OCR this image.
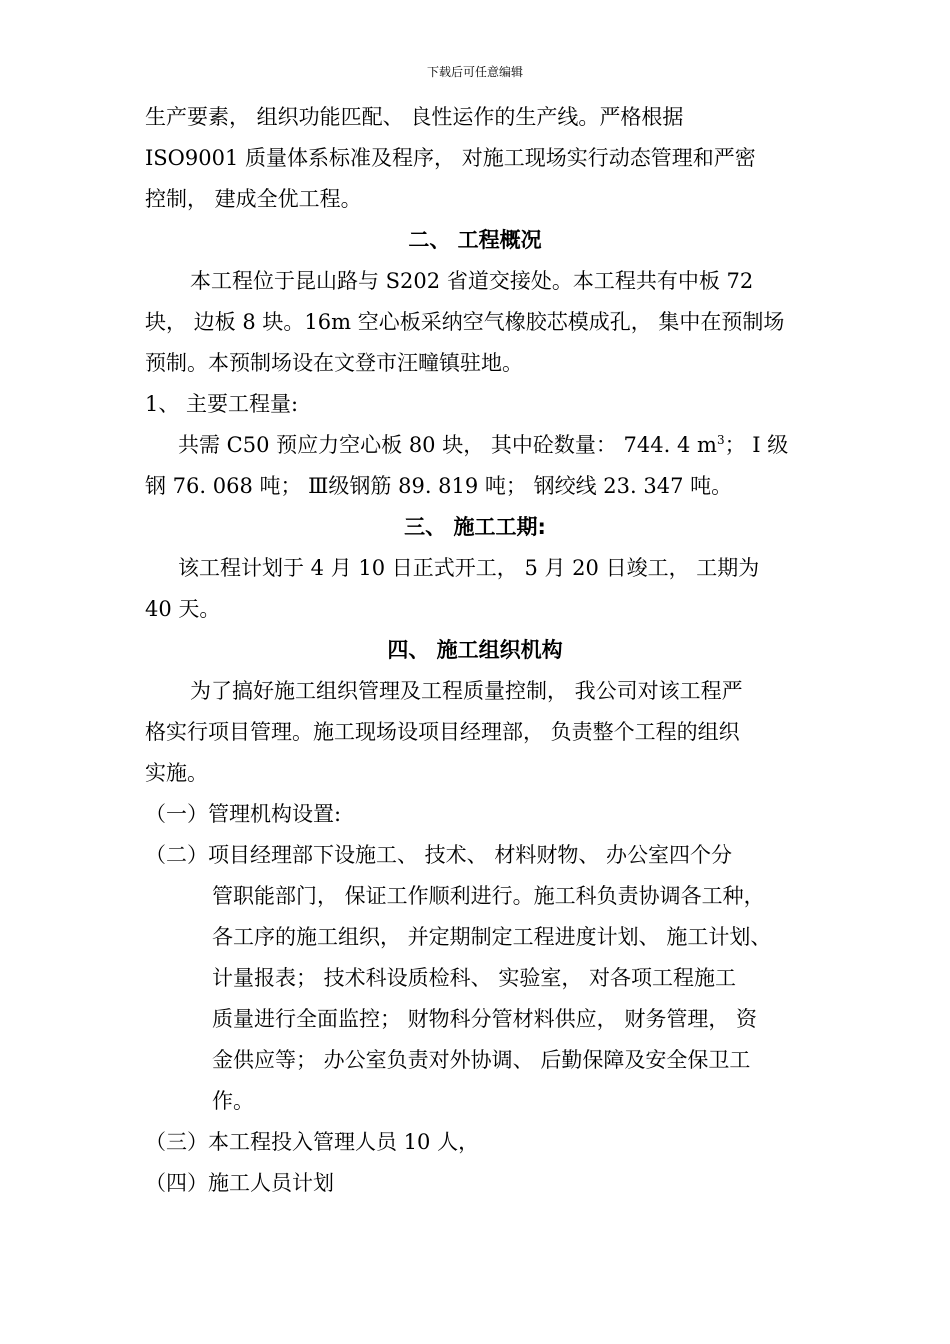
下载后可任意编辑
生产要素， 组织功能匹配、 良性运作的生产线。严格根据
ISO9001 质量体系标准及程序， 对施工现场实行动态管理和严密
控制， 建成全优工程。
二、 工程概况
本工程位于昆山路与 S202 省道交接处。本工程共有中板 72
块， 边板 8 块。16m 空心板采纳空气橡胶芯模成孔， 集中在预制场
预制。本预制场设在文登市汪疃镇驻地。
1、 主要工程量:
共需 C50 预应力空心板 80 块， 其中砼数量： 744. 4 $m^3$； Ⅰ 级
钢 76. 068 吨； Ⅲ级钢筋 89. 819 吨； 钢绞线 23. 347 吨。
三、 施工工期:
该工程计划于 4 月 10 日正式开工， 5 月 20 日竣工， 工期为
40 天。
四、 施工组织机构
为了搞好施工组织管理及工程质量控制， 我公司对该工程严
格实行项目管理。施工现场设项目经理部， 负责整个工程的组织
实施。
（一）管理机构设置:
（二）项目经理部下设施工、 技术、 材料财物、 办公室四个分
管职能部门， 保证工作顺利进行。施工科负责协调各工种，
各工序的施工组织， 并定期制定工程进度计划、 施工计划、
计量报表； 技术科设质检科、 实验室， 对各项工程施工
质量进行全面监控； 财物科分管材料供应， 财务管理， 资
金供应等； 办公室负责对外协调、 后勤保障及安全保卫工
作。
（三）本工程投入管理人员 10 人，
（四）施工人员计划
